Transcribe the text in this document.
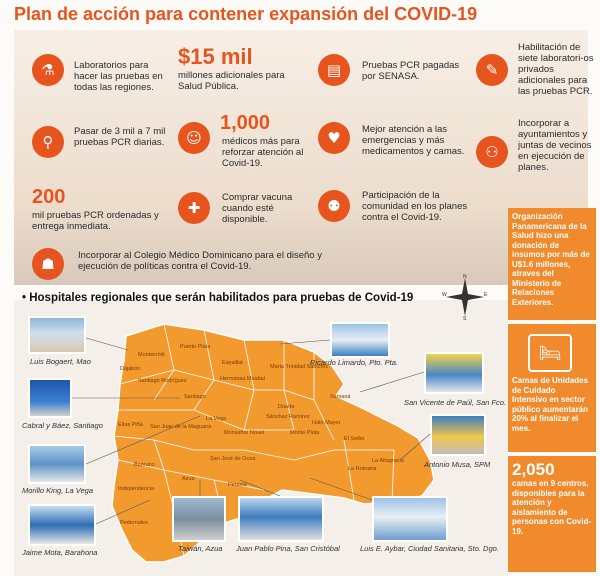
Plan de acción para contener expansión del COVID-19
⚗	Laboratorios para hacer las pruebas en todas las regiones.
$15 mil
millones adicionales para Salud Pública.
▤	Pruebas PCR pagadas por SENASA.	✎
Habilitación de siete laboratori-os privados adicionales para las pruebas PCR.
⚲
Pasar de 3 mil a 7 mil pruebas PCR diarias.	☺
1,000
médicos más para reforzar atención al Covid-19.
♥	Mejor atención a las emergencias y más medicamentos y camas.	⚇
Incorporar a ayuntamientos y juntas de vecinos en ejecución de planes.
200
mil pruebas PCR ordenadas y entrega inmediata.
✚
Comprar vacuna cuando esté disponible.
⚉
Participación de la comunidad en los planes contra el Covid-19.
☗	Incorporar al Colegio Médico Dominicano para el diseño y ejecución de políticas contra el Covid-19.
Organización Panamericana de la Salud hizo una donación de insumos por más de U$1.6 millones, atraves del Ministerio de Relaciones Exteriores.
Camas de Unidades de Cuidado Intensivo en sector público aumentarán 20% al finalizar el mes.
🛏
2,050
camas en 9 centros, disponibles para la atención y aislamiento de personas con Covid-19.
• Hospitales regionales que serán habilitados para pruebas de Covid-19
Montecristi
Puerto Plata
Espaillat
María Trinidad Sánchez
Santiago
Hermanas Mirabal
Samaná
Duarte
Elías Piña San Juan de la Maguana
La Vega
Monseñor Nouel
Sánchez Ramírez
Monte Plata
Hato Mayor
El Seibo
La Altagracia
La Romana
Baoruco
Independencia
Azua
San José de Ocoa
Peravia
Pedernales
Santiago Rodríguez
Dajabón
N
S
E
W
Luis Bogaert, Mao	Ricardo Limardo, Pto. Pta.
Cabral y Báez, Santiago
San Vicente de Paúl, San Fco.
Morillo King, La Vega
Antonio Musa, SPM
Jaime Mota, Barahona	Taiwán, Azua Juan Pablo Pina, San Cristóbal	Luis E. Aybar, Ciudad Sanitaria, Sto. Dgo.
